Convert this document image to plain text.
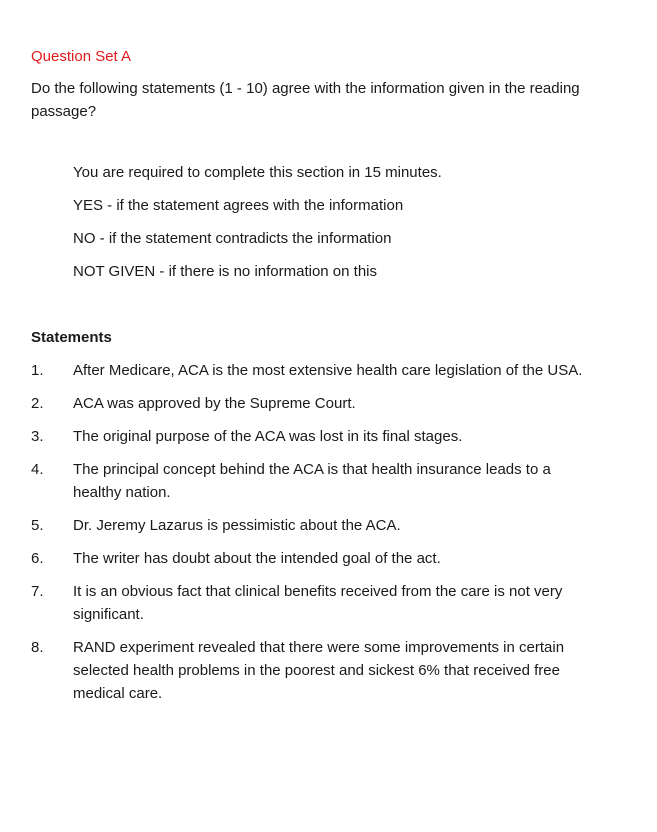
Question Set A
Do the following statements (1 - 10) agree with the information given in the reading passage?
You are required to complete this section in 15 minutes.
YES - if the statement agrees with the information
NO - if the statement contradicts the information
NOT GIVEN - if there is no information on this
Statements
1.	After Medicare, ACA is the most extensive health care legislation of the USA.
2.	ACA was approved by the Supreme Court.
3.	The original purpose of the ACA was lost in its final stages.
4.	The principal concept behind the ACA is that health insurance leads to a healthy nation.
5.	Dr. Jeremy Lazarus is pessimistic about the ACA.
6.	The writer has doubt about the intended goal of the act.
7.	It is an obvious fact that clinical benefits received from the care is not very significant.
8.	RAND experiment revealed that there were some improvements in certain selected health problems in the poorest and sickest 6% that received free medical care.
